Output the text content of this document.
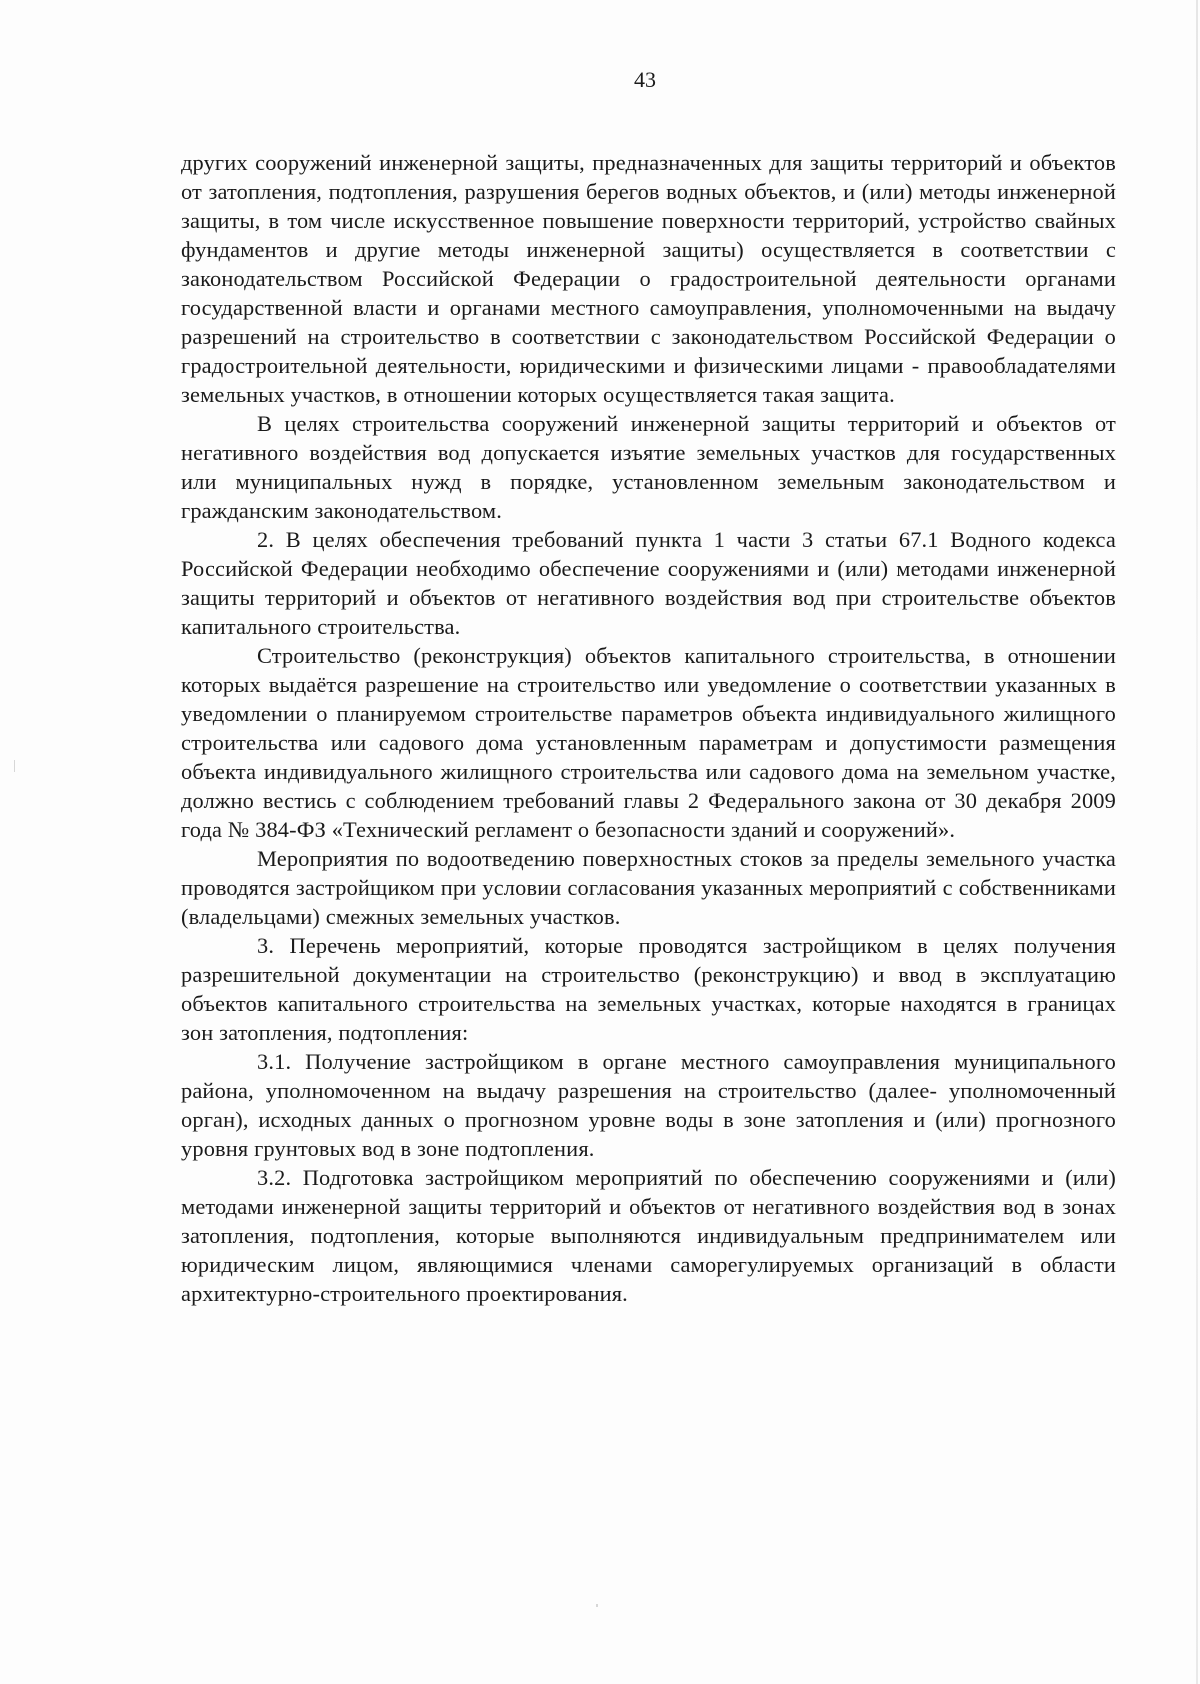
43

других сооружений инженерной защиты, предназначенных для защиты территорий и объектов от затопления, подтопления, разрушения берегов водных объектов, и (или) методы инженерной защиты, в том числе искусственное повышение поверхности территорий, устройство свайных фундаментов и другие методы инженерной защиты) осуществляется в соответствии с законодательством Российской Федерации о градостроительной деятельности органами государственной власти и органами местного самоуправления, уполномоченными на выдачу разрешений на строительство в соответствии с законодательством Российской Федерации о градостроительной деятельности, юридическими и физическими лицами - правообладателями земельных участков, в отношении которых осуществляется такая защита.

В целях строительства сооружений инженерной защиты территорий и объектов от негативного воздействия вод допускается изъятие земельных участков для государственных или муниципальных нужд в порядке, установленном земельным законодательством и гражданским законодательством.

2. В целях обеспечения требований пункта 1 части 3 статьи 67.1 Водного кодекса Российской Федерации необходимо обеспечение сооружениями и (или) методами инженерной защиты территорий и объектов от негативного воздействия вод при строительстве объектов капитального строительства.

Строительство (реконструкция) объектов капитального строительства, в отношении которых выдаётся разрешение на строительство или уведомление о соответствии указанных в уведомлении о планируемом строительстве параметров объекта индивидуального жилищного строительства или садового дома установленным параметрам и допустимости размещения объекта индивидуального жилищного строительства или садового дома на земельном участке, должно вестись с соблюдением требований главы 2 Федерального закона от 30 декабря 2009 года № 384-ФЗ «Технический регламент о безопасности зданий и сооружений».

Мероприятия по водоотведению поверхностных стоков за пределы земельного участка проводятся застройщиком при условии согласования указанных мероприятий с собственниками (владельцами) смежных земельных участков.

3. Перечень мероприятий, которые проводятся застройщиком в целях получения разрешительной документации на строительство (реконструкцию) и ввод в эксплуатацию объектов капитального строительства на земельных участках, которые находятся в границах зон затопления, подтопления:

3.1. Получение застройщиком в органе местного самоуправления муниципального района, уполномоченном на выдачу разрешения на строительство (далее- уполномоченный орган), исходных данных о прогнозном уровне воды в зоне затопления и (или) прогнозного уровня грунтовых вод в зоне подтопления.

3.2. Подготовка застройщиком мероприятий по обеспечению сооружениями и (или) методами инженерной защиты территорий и объектов от негативного воздействия вод в зонах затопления, подтопления, которые выполняются индивидуальным предпринимателем или юридическим лицом, являющимися членами саморегулируемых организаций в области архитектурно-строительного проектирования.
